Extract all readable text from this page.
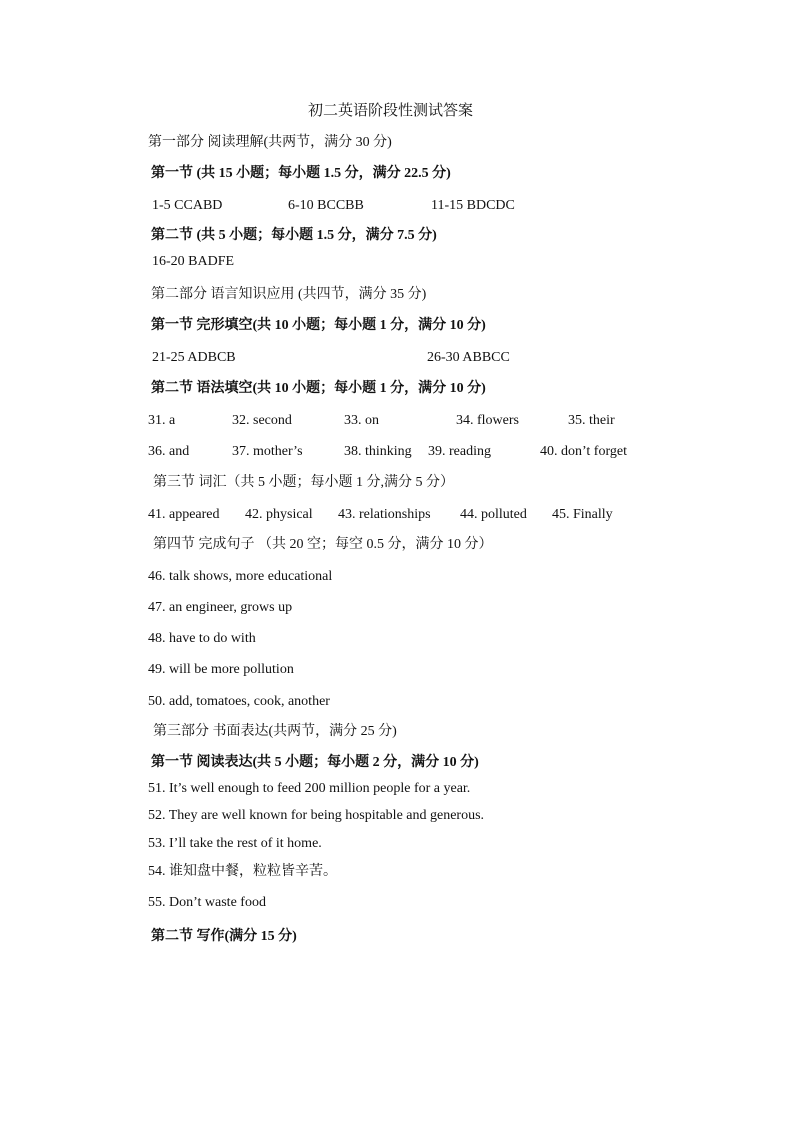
初二英语阶段性测试答案
第一部分 阅读理解(共两节，满分 30 分)
第一节 (共 15 小题；每小题 1.5 分，满分 22.5 分)
1-5 CCABD	6-10 BCCBB	11-15 BDCDC
第二节 (共 5 小题；每小题 1.5 分，满分 7.5 分)
16-20 BADFE
第二部分 语言知识应用 (共四节，满分 35 分)
第一节 完形填空(共 10 小题；每小题 1 分，满分 10 分)
21-25 ADBCB	26-30 ABBCC
第二节 语法填空(共 10 小题；每小题 1 分，满分 10 分)
31. a	32. second	33. on	34. flowers	35. their
36. and	37. mother’s	38. thinking 39. reading	40. don’t forget
第三节 词汇（共 5 小题；每小题 1 分,满分 5 分）
41. appeared 42. physical 43. relationships 44. polluted 45. Finally
第四节 完成句子 （共 20 空；每空 0.5 分，满分 10 分）
46. talk shows, more educational
47. an engineer, grows up
48. have to do with
49. will be more pollution
50. add, tomatoes, cook, another
第三部分 书面表达(共两节，满分 25 分)
第一节 阅读表达(共 5 小题；每小题 2 分，满分 10 分)
51. It’s well enough to feed 200 million people for a year.
52. They are well known for being hospitable and generous.
53. I’ll take the rest of it home.
54. 谁知盘中餐，粒粒皆辛苦。
55. Don’t waste food
第二节 写作(满分 15 分)
